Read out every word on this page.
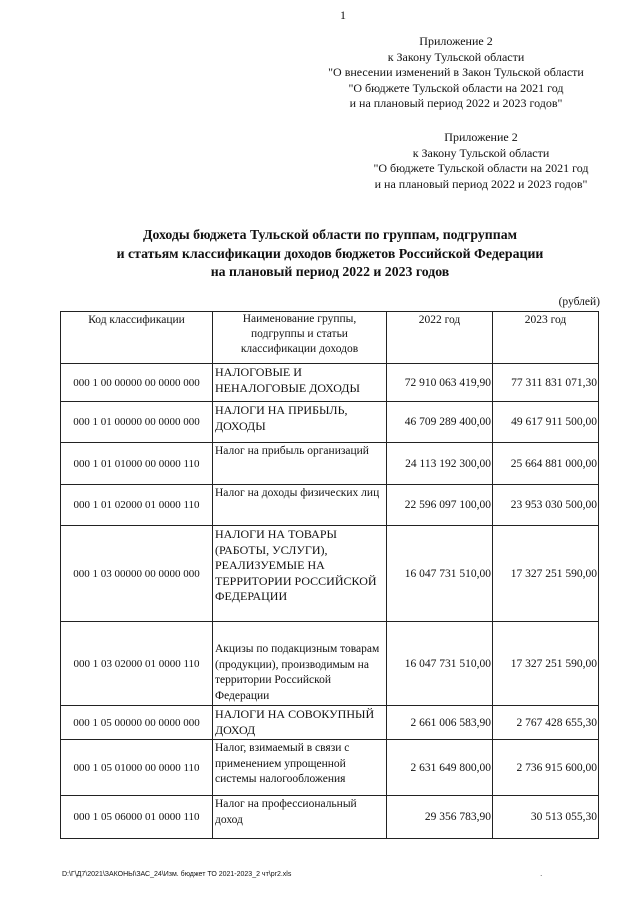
1
Приложение 2
к Закону Тульской области
"О внесении изменений в Закон Тульской области
"О бюджете Тульской области на 2021 год
и на плановый период 2022 и 2023 годов"
Приложение 2
к Закону Тульской области
"О бюджете Тульской области на 2021 год
и на плановый период 2022 и 2023 годов"
Доходы бюджета Тульской области по группам, подгруппам
и статьям классификации доходов бюджетов Российской Федерации
на плановый период 2022 и 2023 годов
(рублей)
Код классификации	Наименование группы, подгруппы и статьи классификации доходов	2022 год	2023 год
000 1 00 00000 00 0000 000	НАЛОГОВЫЕ И НЕНАЛОГОВЫЕ ДОХОДЫ	72 910 063 419,90	77 311 831 071,30
000 1 01 00000 00 0000 000	НАЛОГИ НА ПРИБЫЛЬ, ДОХОДЫ	46 709 289 400,00	49 617 911 500,00
000 1 01 01000 00 0000 110	Налог на прибыль организаций	24 113 192 300,00	25 664 881 000,00
000 1 01 02000 01 0000 110	Налог на доходы физических лиц	22 596 097 100,00	23 953 030 500,00
000 1 03 00000 00 0000 000	НАЛОГИ НА ТОВАРЫ (РАБОТЫ, УСЛУГИ), РЕАЛИЗУЕМЫЕ НА ТЕРРИТОРИИ РОССИЙСКОЙ ФЕДЕРАЦИИ	16 047 731 510,00	17 327 251 590,00
000 1 03 02000 01 0000 110	Акцизы по подакцизным товарам (продукции), производимым на территории Российской Федерации	16 047 731 510,00	17 327 251 590,00
000 1 05 00000 00 0000 000	НАЛОГИ НА СОВОКУПНЫЙ ДОХОД	2 661 006 583,90	2 767 428 655,30
000 1 05 01000 00 0000 110	Налог, взимаемый в связи с применением упрощенной системы налогообложения	2 631 649 800,00	2 736 915 600,00
000 1 05 06000 01 0000 110	Налог на профессиональный доход	29 356 783,90	30 513 055,30
D:\Г\Д7\2021\ЗАКОНЫ\ЗАС_24\Изм. бюджет ТО 2021-2023_2 чт\pr2.xls	·
